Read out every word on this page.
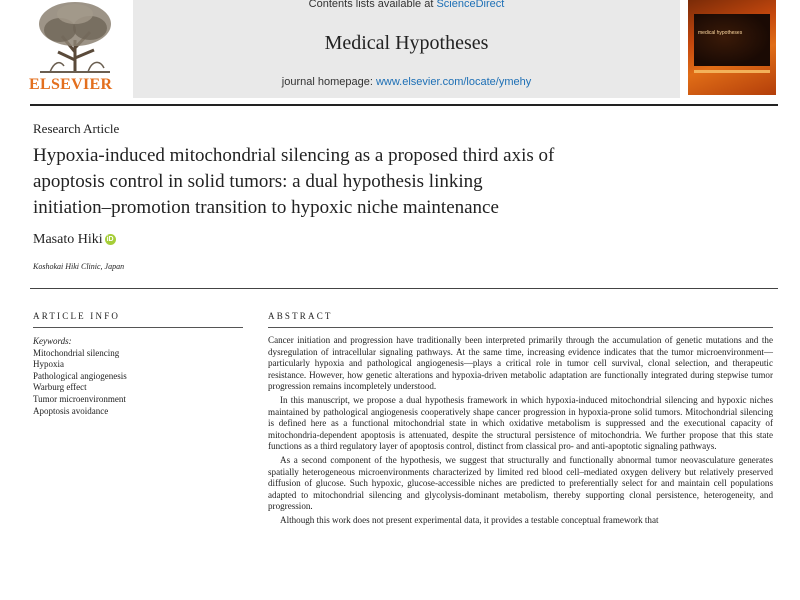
Contents lists available at ScienceDirect
Medical Hypotheses
journal homepage: www.elsevier.com/locate/ymehy
ELSEVIER
medical hypotheses
Research Article
Hypoxia-induced mitochondrial silencing as a proposed third axis of
apoptosis control in solid tumors: a dual hypothesis linking
initiation–promotion transition to hypoxic niche maintenance
Masato Hiki iD
Koshokai Hiki Clinic, Japan
ARTICLE INFO
Keywords:
Mitochondrial silencing
Hypoxia
Pathological angiogenesis
Warburg effect
Tumor microenvironment
Apoptosis avoidance
ABSTRACT

Cancer initiation and progression have traditionally been interpreted primarily through the accumulation of genetic mutations and the dysregulation of intracellular signaling pathways. At the same time, increasing evidence indicates that the tumor microenvironment—particularly hypoxia and pathological angiogenesis—plays a critical role in tumor cell survival, clonal selection, and therapeutic resistance. However, how genetic alterations and hypoxia-driven metabolic adaptation are functionally integrated during stepwise tumor progression remains incompletely understood.

In this manuscript, we propose a dual hypothesis framework in which hypoxia-induced mitochondrial silencing and hypoxic niches maintained by pathological angiogenesis cooperatively shape cancer progression in hypoxia-prone solid tumors. Mitochondrial silencing is defined here as a functional mitochondrial state in which oxidative metabolism is suppressed and the executional capacity of mitochondria-dependent apoptosis is attenuated, despite the structural persistence of mitochondria. We further propose that this state functions as a third regulatory layer of apoptosis control, distinct from classical pro- and anti-apoptotic signaling pathways.

As a second component of the hypothesis, we suggest that structurally and functionally abnormal tumor neovasculature generates spatially heterogeneous microenvironments characterized by limited red blood cell–mediated oxygen delivery but relatively preserved diffusion of glucose. Such hypoxic, glucose-accessible niches are predicted to preferentially select for and maintain cell populations adapted to mitochondrial silencing and glycolysis-dominant metabolism, thereby supporting clonal persistence, heterogeneity, and progression.

Although this work does not present experimental data, it provides a testable conceptual framework that
